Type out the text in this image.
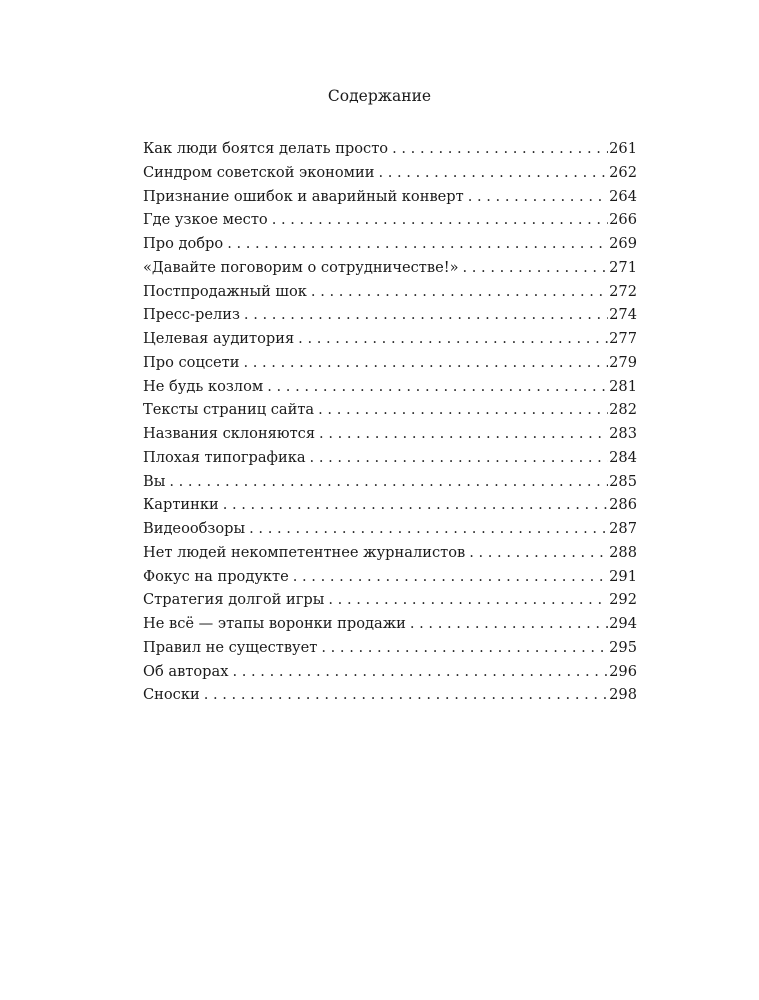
Содержание
Как люди боятся делать просто . . .	261
Синдром советской экономии . . .	262
Признание ошибок и аварийный конверт . . .	264
Где узкое место . . .	266
Про добро . . .	269
«Давайте поговорим о сотрудничестве!» . . .	271
Постпродажный шок . . .	272
Пресс-релиз . . .	274
Целевая аудитория . . .	277
Про соцсети . . .	279
Не будь козлом . . .	281
Тексты страниц сайта . . .	282
Названия склоняются . . .	283
Плохая типографика . . .	284
Вы . . .	285
Картинки . . .	286
Видеообзоры . . .	287
Нет людей некомпетентнее журналистов . . .	288
Фокус на продукте . . .	291
Стратегия долгой игры . . .	292
Не всё — этапы воронки продажи . . .	294
Правил не существует . . .	295
Об авторах . . .	296
Сноски . . .	298
